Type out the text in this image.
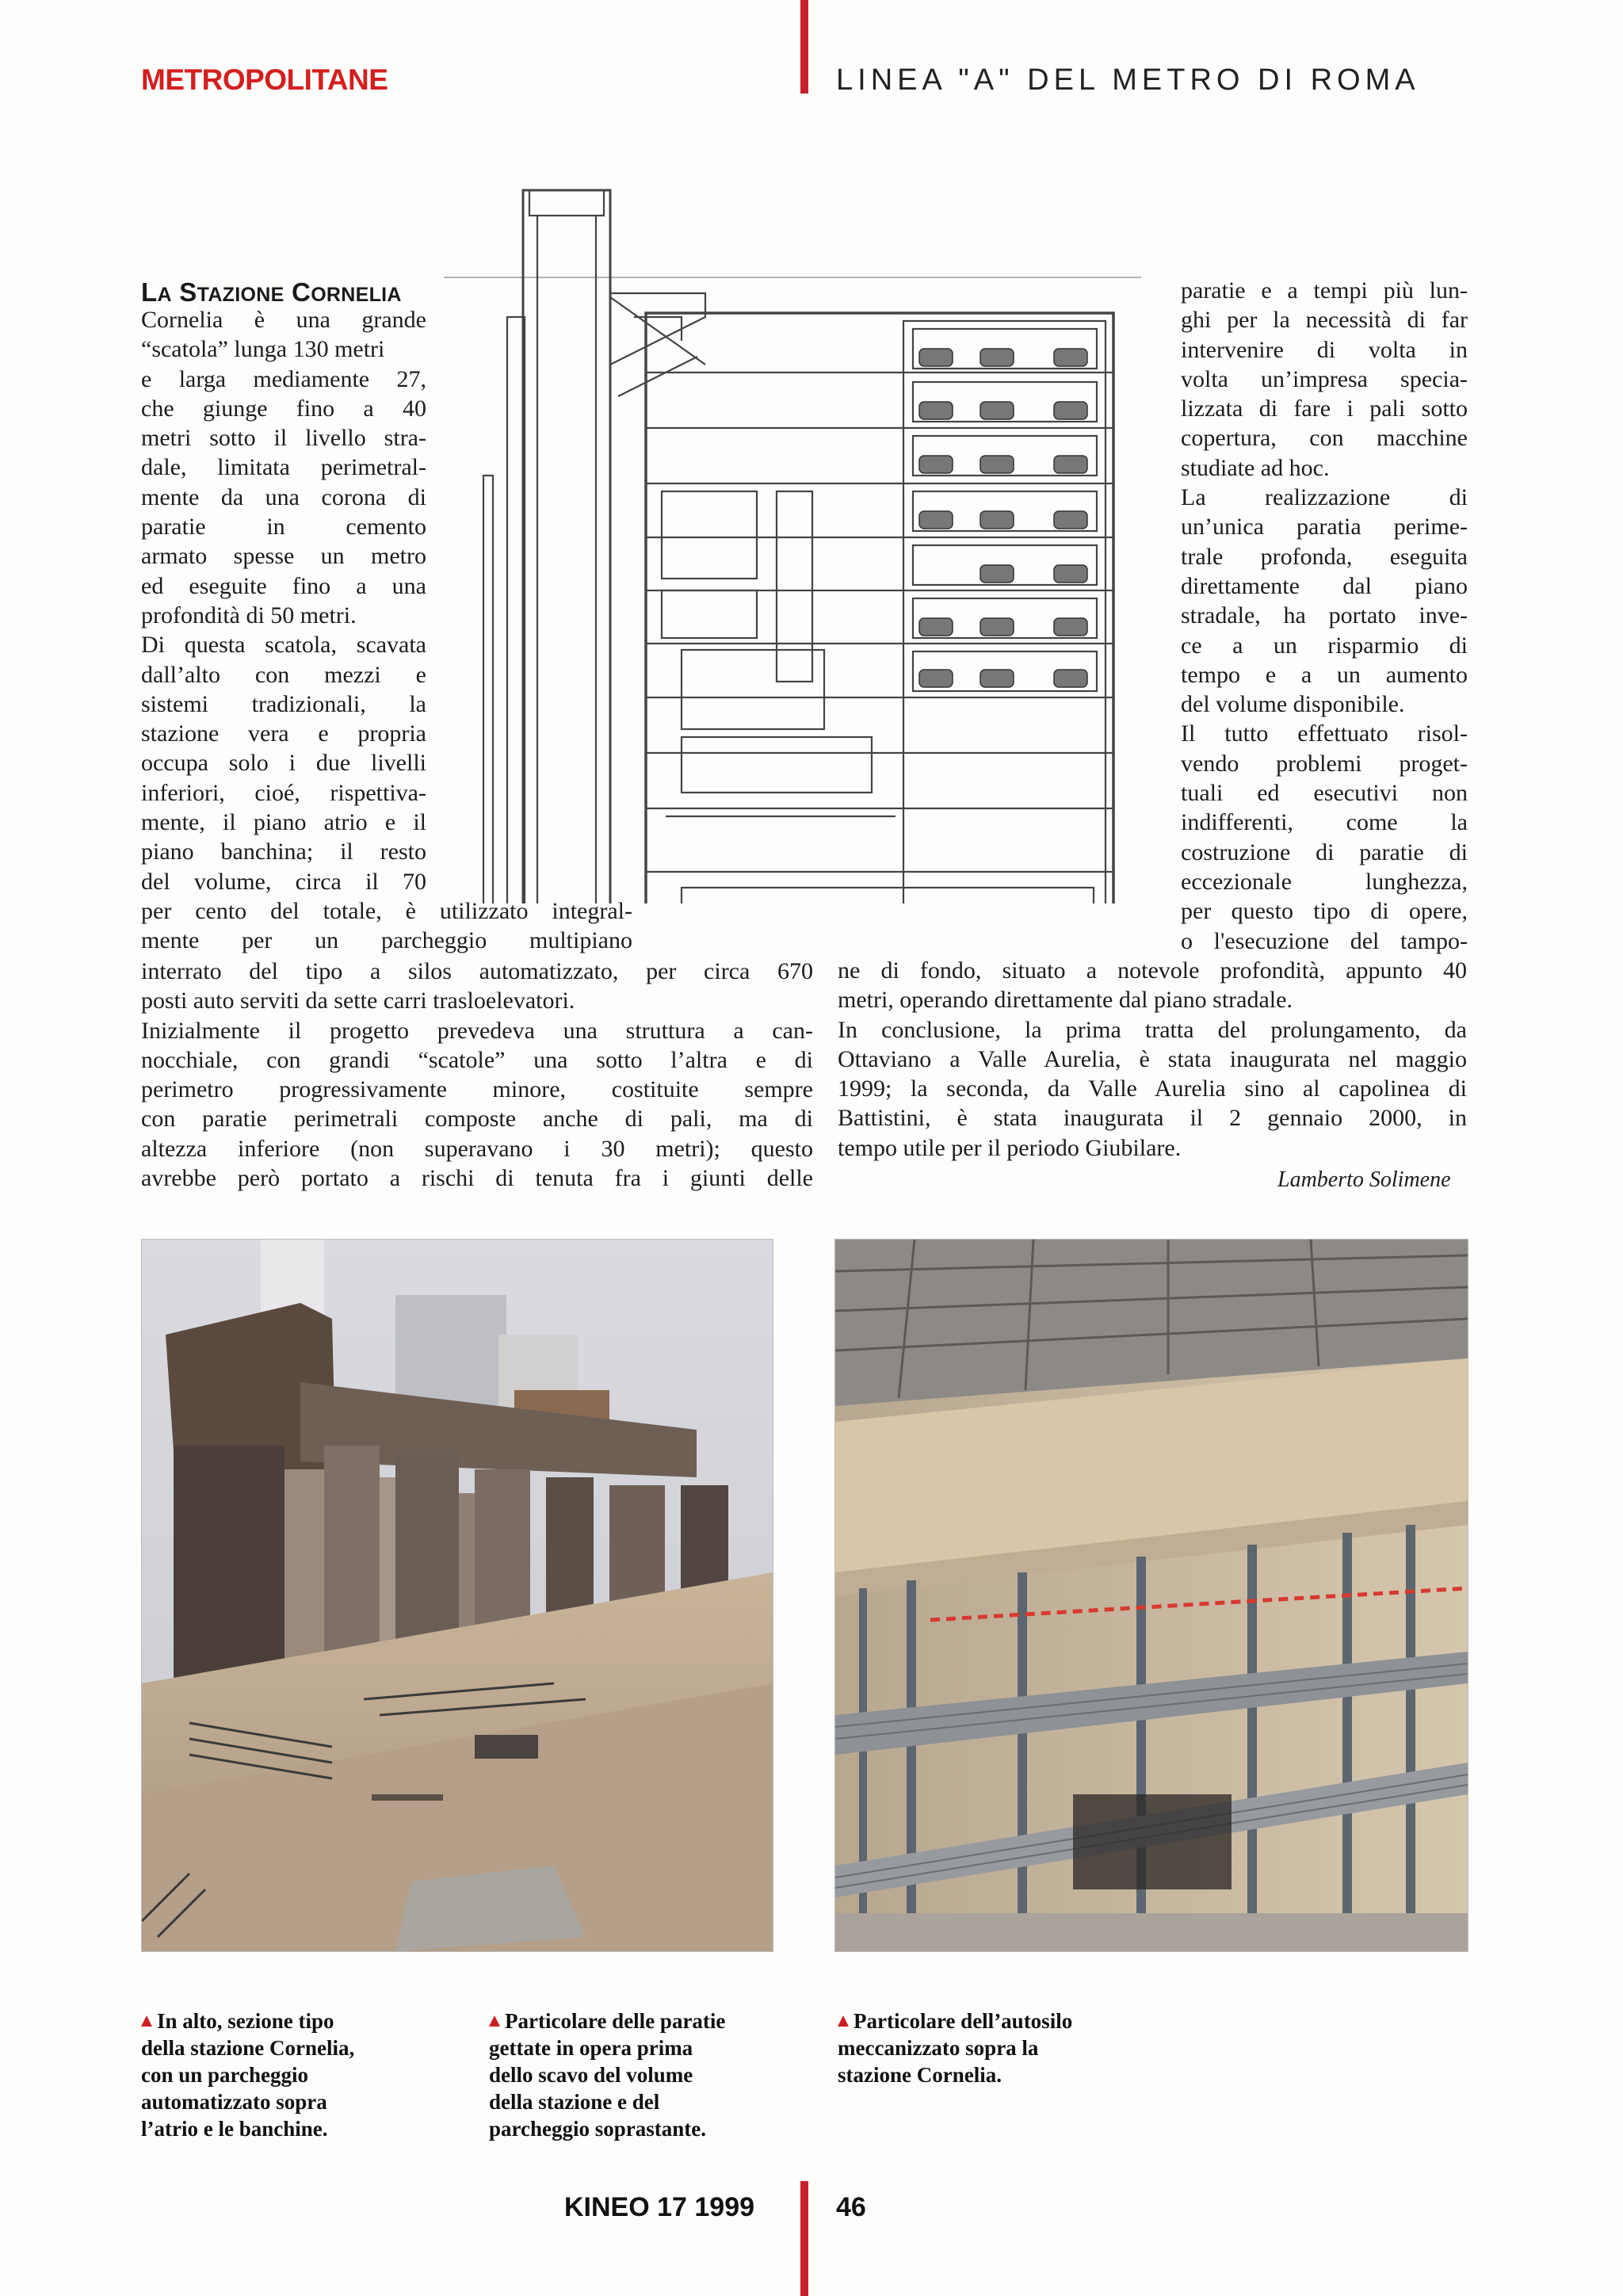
METROPOLITANE	LINEA "A" DEL METRO DI ROMA
LA STAZIONE CORNELIA
Cornelia è una grande
“scatola” lunga 130 metri
e larga mediamente 27,
che giunge fino a 40
metri sotto il livello stra-
dale, limitata perimetral-
mente da una corona di
paratie in cemento
armato spesse un metro
ed eseguite fino a una
profondità di 50 metri.
Di questa scatola, scavata
dall’alto con mezzi e
sistemi tradizionali, la
stazione vera e propria
occupa solo i due livelli
inferiori, cioé, rispettiva-
mente, il piano atrio e il
piano banchina; il resto
del volume, circa il 70
per cento del totale, è utilizzato integral-
mente per un parcheggio multipiano
interrato del tipo a silos automatizzato, per circa 670
posti auto serviti da sette carri trasloelevatori.
Inizialmente il progetto prevedeva una struttura a can-
nocchiale, con grandi “scatole” una sotto l’altra e di
perimetro progressivamente minore, costituite sempre
con paratie perimetrali composte anche di pali, ma di
altezza inferiore (non superavano i 30 metri); questo
avrebbe però portato a rischi di tenuta fra i giunti delle
paratie e a tempi più lun-
ghi per la necessità di far
intervenire di volta in
volta un’impresa specia-
lizzata di fare i pali sotto
copertura, con macchine
studiate ad hoc.
La realizzazione di
un’unica paratia perime-
trale profonda, eseguita
direttamente dal piano
stradale, ha portato inve-
ce a un risparmio di
tempo e a un aumento
del volume disponibile.
Il tutto effettuato risol-
vendo problemi proget-
tuali ed esecutivi non
indifferenti, come la
costruzione di paratie di
eccezionale lunghezza,
per questo tipo di opere,
o l'esecuzione del tampo-
ne di fondo, situato a notevole profondità, appunto 40
metri, operando direttamente dal piano stradale.
In conclusione, la prima tratta del prolungamento, da
Ottaviano a Valle Aurelia, è stata inaugurata nel maggio
1999; la seconda, da Valle Aurelia sino al capolinea di
Battistini, è stata inaugurata il 2 gennaio 2000, in
tempo utile per il periodo Giubilare.
Lamberto Solimene
In alto, sezione tipo
della stazione Cornelia,
con un parcheggio
automatizzato sopra
l’atrio e le banchine.
Particolare delle paratie
gettate in opera prima
dello scavo del volume
della stazione e del
parcheggio soprastante.
Particolare dell’autosilo
meccanizzato sopra la
stazione Cornelia.
KINEO 17 1999	46
